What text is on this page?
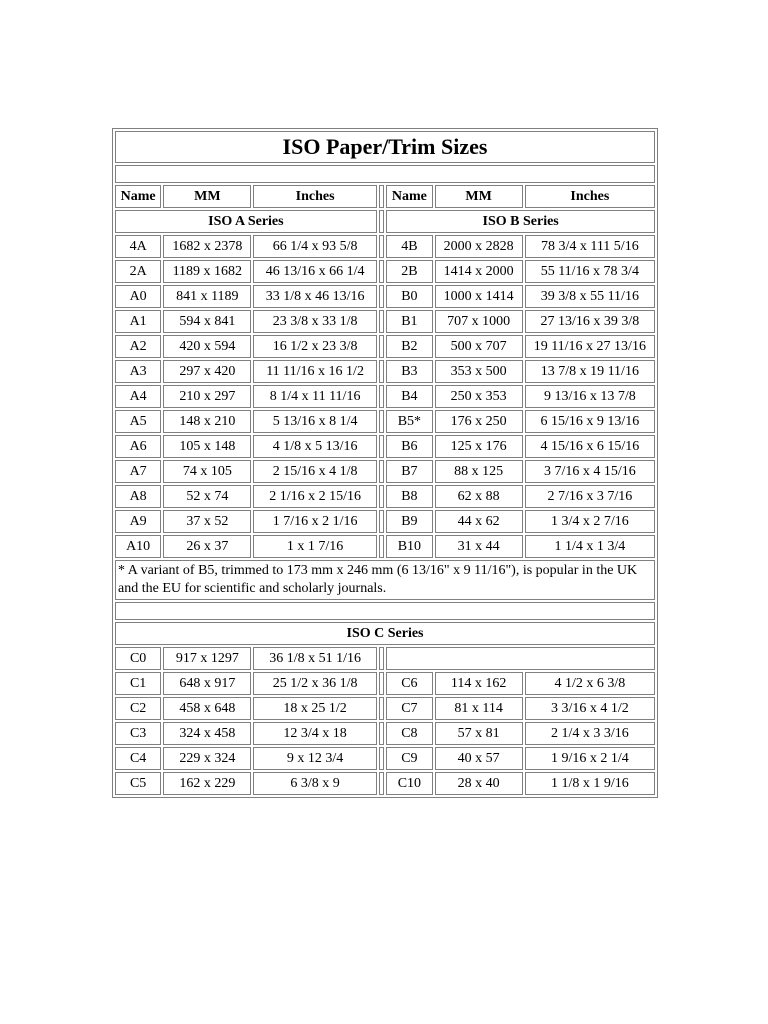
ISO Paper/Trim Sizes						

Name	MM	Inches		Name	MM	Inches
ISO A Series				ISO B Series		
4A	1682 x 2378	66 1/4 x 93 5/8		4B	2000 x 2828	78 3/4 x 111 5/16
2A	1189 x 1682	46 13/16 x 66 1/4		2B	1414 x 2000	55 11/16 x 78 3/4
A0	841 x 1189	33 1/8 x 46 13/16		B0	1000 x 1414	39 3/8 x 55 11/16
A1	594 x 841	23 3/8 x 33 1/8		B1	707 x 1000	27 13/16 x 39 3/8
A2	420 x 594	16 1/2 x 23 3/8		B2	500 x 707	19 11/16 x 27 13/16
A3	297 x 420	11 11/16 x 16 1/2		B3	353 x 500	13 7/8 x 19 11/16
A4	210 x 297	8 1/4 x 11 11/16		B4	250 x 353	9 13/16 x 13 7/8
A5	148 x 210	5 13/16 x 8 1/4		B5*	176 x 250	6 15/16 x 9 13/16
A6	105 x 148	4 1/8 x 5 13/16		B6	125 x 176	4 15/16 x 6 15/16
A7	74 x 105	2 15/16 x 4 1/8		B7	88 x 125	3 7/16 x 4 15/16
A8	52 x 74	2 1/16 x 2 15/16		B8	62 x 88	2 7/16 x 3 7/16
A9	37 x 52	1 7/16 x 2 1/16		B9	44 x 62	1 3/4 x 2 7/16
A10	26 x 37	1 x 1 7/16		B10	31 x 44	1 1/4 x 1 3/4
* A variant of B5, trimmed to 173 mm x 246 mm (6 13/16" x 9 11/16"), is popular in the UK and the EU for scientific and scholarly journals.						

ISO C Series						
C0	917 x 1297	36 1/8 x 51 1/16				
C1	648 x 917	25 1/2 x 36 1/8		C6	114 x 162	4 1/2 x 6 3/8
C2	458 x 648	18 x 25 1/2		C7	81 x 114	3 3/16 x 4 1/2
C3	324 x 458	12 3/4 x 18		C8	57 x 81	2 1/4 x 3 3/16
C4	229 x 324	9 x 12 3/4		C9	40 x 57	1 9/16 x 2 1/4
C5	162 x 229	6 3/8 x 9		C10	28 x 40	1 1/8 x 1 9/16
